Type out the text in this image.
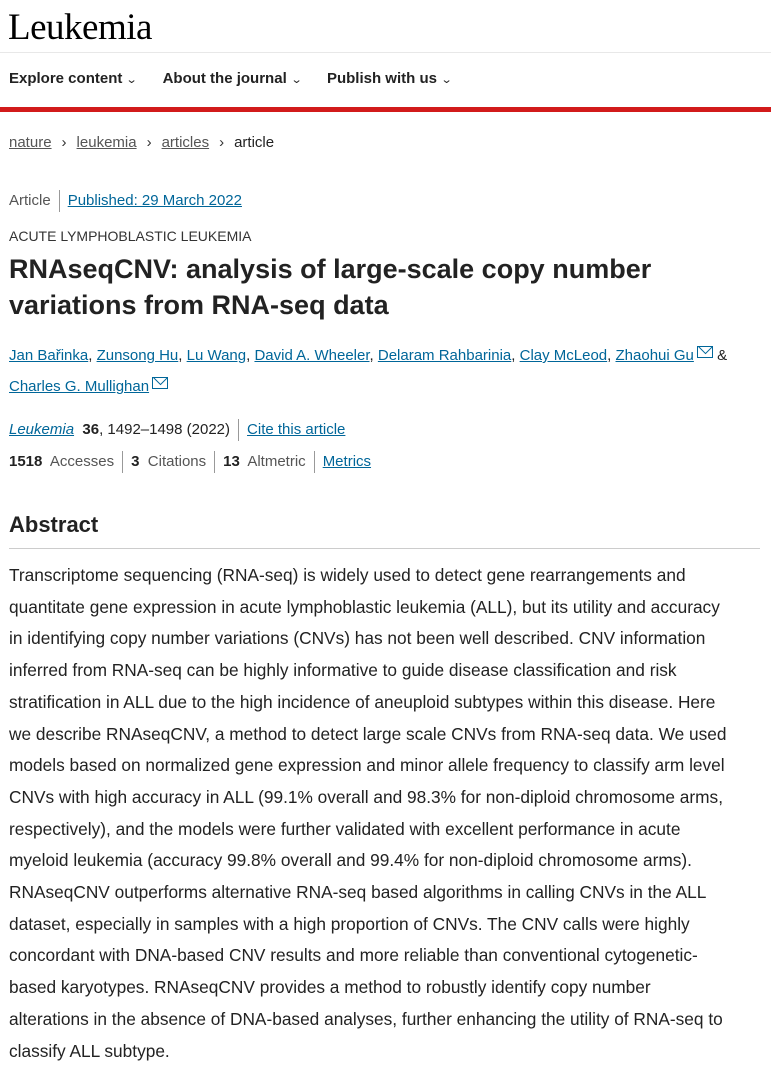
Leukemia
Explore content ⌄ About the journal ⌄ Publish with us ⌄
nature › leukemia › articles › article
Article Published: 29 March 2022
ACUTE LYMPHOBLASTIC LEUKEMIA
RNAseqCNV: analysis of large-scale copy number variations from RNA-seq data
Jan Bařinka, Zunsong Hu, Lu Wang, David A. Wheeler, Delaram Rahbarinia, Clay McLeod, Zhaohui Gu &
Charles G. Mullighan
Leukemia 36, 1492–1498 (2022) Cite this article
1518 Accesses 3 Citations 13 Altmetric Metrics
Abstract
Transcriptome sequencing (RNA-seq) is widely used to detect gene rearrangements and
quantitate gene expression in acute lymphoblastic leukemia (ALL), but its utility and accuracy
in identifying copy number variations (CNVs) has not been well described. CNV information
inferred from RNA-seq can be highly informative to guide disease classification and risk
stratification in ALL due to the high incidence of aneuploid subtypes within this disease. Here
we describe RNAseqCNV, a method to detect large scale CNVs from RNA-seq data. We used
models based on normalized gene expression and minor allele frequency to classify arm level
CNVs with high accuracy in ALL (99.1% overall and 98.3% for non-diploid chromosome arms,
respectively), and the models were further validated with excellent performance in acute
myeloid leukemia (accuracy 99.8% overall and 99.4% for non-diploid chromosome arms).
RNAseqCNV outperforms alternative RNA-seq based algorithms in calling CNVs in the ALL
dataset, especially in samples with a high proportion of CNVs. The CNV calls were highly
concordant with DNA-based CNV results and more reliable than conventional cytogenetic-
based karyotypes. RNAseqCNV provides a method to robustly identify copy number
alterations in the absence of DNA-based analyses, further enhancing the utility of RNA-seq to
classify ALL subtype.
